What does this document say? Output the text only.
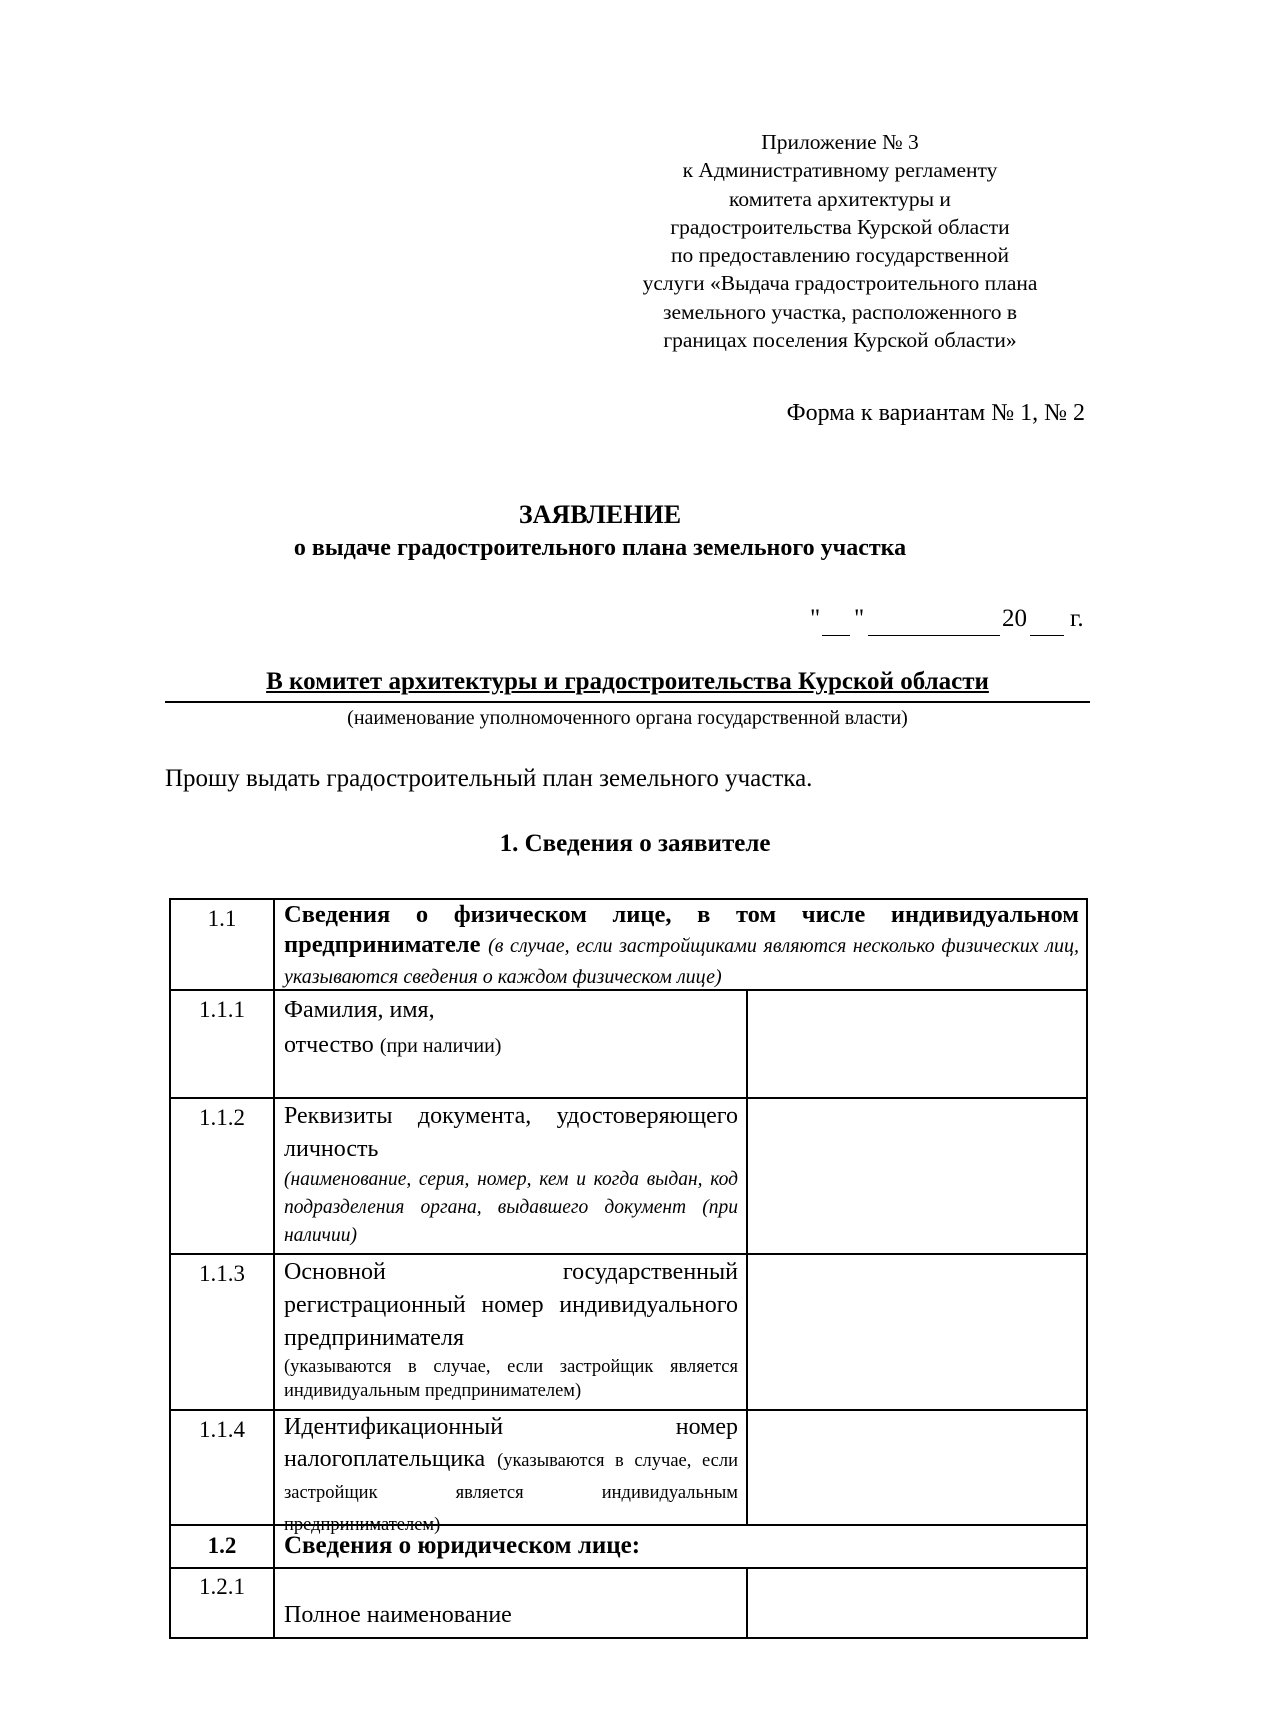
Приложение № 3
к Административному регламенту
комитета архитектуры и
градостроительства Курской области
по предоставлению государственной
услуги «Выдача градостроительного плана
земельного участка, расположенного в
границах поселения Курской области»
Форма к вариантам № 1, № 2
ЗАЯВЛЕНИЕ
о выдаче градостроительного плана земельного участка
" "	20 г.
В комитет архитектуры и градостроительства Курской области
(наименование уполномоченного органа государственной власти)
Прошу выдать градостроительный план земельного участка.
1. Сведения о заявителе
1.1	Сведения о физическом лице, в том числе индивидуальном предпринимателе (в случае, если застройщиками являются несколько физических лиц, указываются сведения о каждом физическом лице)
1.1.1	Фамилия, имя,
отчество (при наличии)
1.1.2	Реквизиты документа, удостоверяющего личность
(наименование, серия, номер, кем и когда выдан, код подразделения органа, выдавшего документ (при наличии)
1.1.3	Основной государственный регистрационный номер индивидуального предпринимателя
(указываются в случае, если застройщик является индивидуальным предпринимателем)
1.1.4	Идентификационный номер налогоплательщика (указываются в случае, если застройщик является индивидуальным предпринимателем)
1.2	Сведения о юридическом лице:
1.2.1
Полное наименование
